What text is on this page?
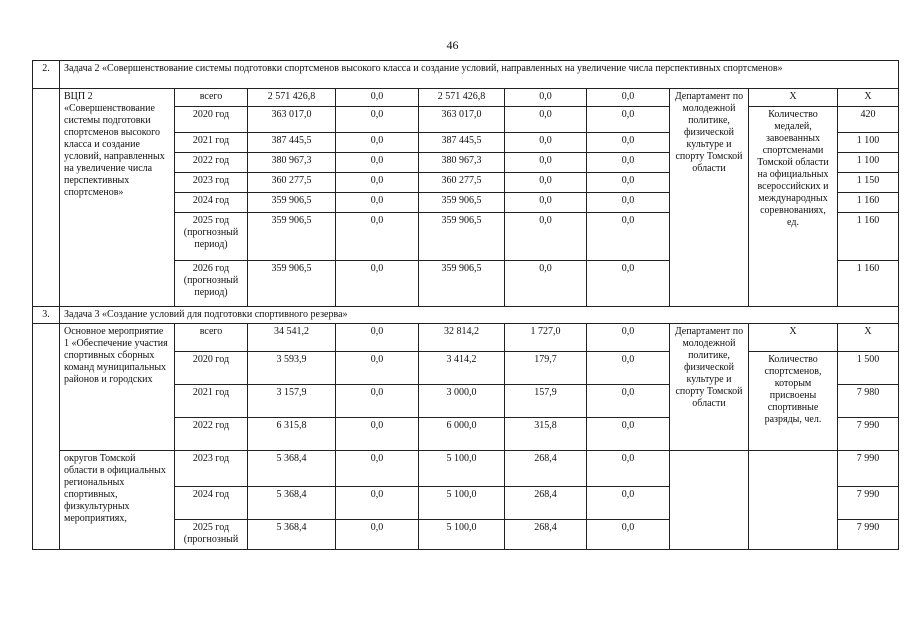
46
2.	Задача 2 «Совершенствование системы подготовки спортсменов высокого класса и создание условий, направленных на увеличение числа перспективных спортсменов»									
	ВЦП 2 «Совершенствование системы подготовки спортсменов высокого класса и создание условий, направленных на увеличение числа перспективных спортсменов»	всего	2 571 426,8	0,0	2 571 426,8	0,0	0,0	Департамент по молодежной политике, физической культуре и спорту Томской области	Х	Х
		2020 год	363 017,0	0,0	363 017,0	0,0	0,0		Количество медалей, завоеванных спортсменами Томской области на официальных всероссийских и международных соревнованиях, ед.	420
		2021 год	387 445,5	0,0	387 445,5	0,0	0,0			1 100
		2022 год	380 967,3	0,0	380 967,3	0,0	0,0			1 100
		2023 год	360 277,5	0,0	360 277,5	0,0	0,0			1 150
		2024 год	359 906,5	0,0	359 906,5	0,0	0,0			1 160
		2025 год (прогнозный период)	359 906,5	0,0	359 906,5	0,0	0,0			1 160
		2026 год (прогнозный период)	359 906,5	0,0	359 906,5	0,0	0,0			1 160
3.	Задача 3 «Создание условий для подготовки спортивного резерва»									
	Основное мероприятие 1 «Обеспечение участия спортивных сборных команд муниципальных районов и городских	всего	34 541,2	0,0	32 814,2	1 727,0	0,0	Департамент по молодежной политике, физической культуре и спорту Томской области	Х	Х
		2020 год	3 593,9	0,0	3 414,2	179,7	0,0		Количество спортсменов, которым присвоены спортивные разряды, чел.	1 500
		2021 год	3 157,9	0,0	3 000,0	157,9	0,0			7 980
		2022 год	6 315,8	0,0	6 000,0	315,8	0,0			7 990
	округов Томской области в официальных региональных спортивных, физкультурных мероприятиях,	2023 год	5 368,4	0,0	5 100,0	268,4	0,0			7 990
		2024 год	5 368,4	0,0	5 100,0	268,4	0,0			7 990
		2025 год (прогнозный	5 368,4	0,0	5 100,0	268,4	0,0			7 990
